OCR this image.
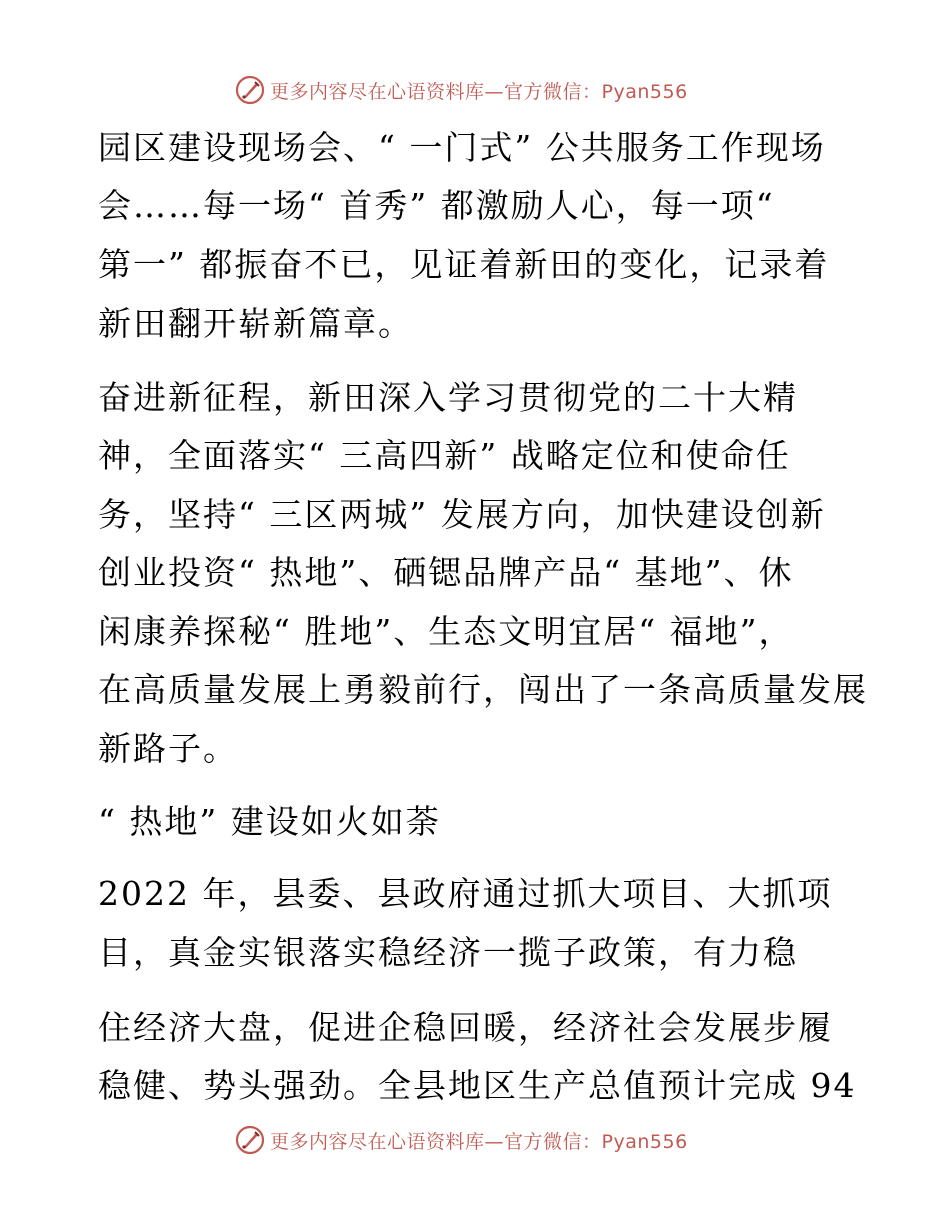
更多内容尽在心语资料库—官方微信：Pyan556
园区建设现场会、“ 一门式” 公共服务工作现场
会……每一场“ 首秀” 都激励人心，每一项“
第一” 都振奋不已，见证着新田的变化，记录着
新田翻开崭新篇章。
奋进新征程，新田深入学习贯彻党的二十大精
神，全面落实“ 三高四新” 战略定位和使命任
务，坚持“ 三区两城” 发展方向，加快建设创新
创业投资“ 热地”、硒锶品牌产品“ 基地”、休
闲康养探秘“ 胜地”、生态文明宜居“ 福地”，
在高质量发展上勇毅前行，闯出了一条高质量发展
新路子。
“ 热地” 建设如火如荼
2022 年，县委、县政府通过抓大项目、大抓项
目，真金实银落实稳经济一揽子政策，有力稳
住经济大盘，促进企稳回暖，经济社会发展步履
稳健、势头强劲。全县地区生产总值预计完成 94
更多内容尽在心语资料库—官方微信：Pyan556
